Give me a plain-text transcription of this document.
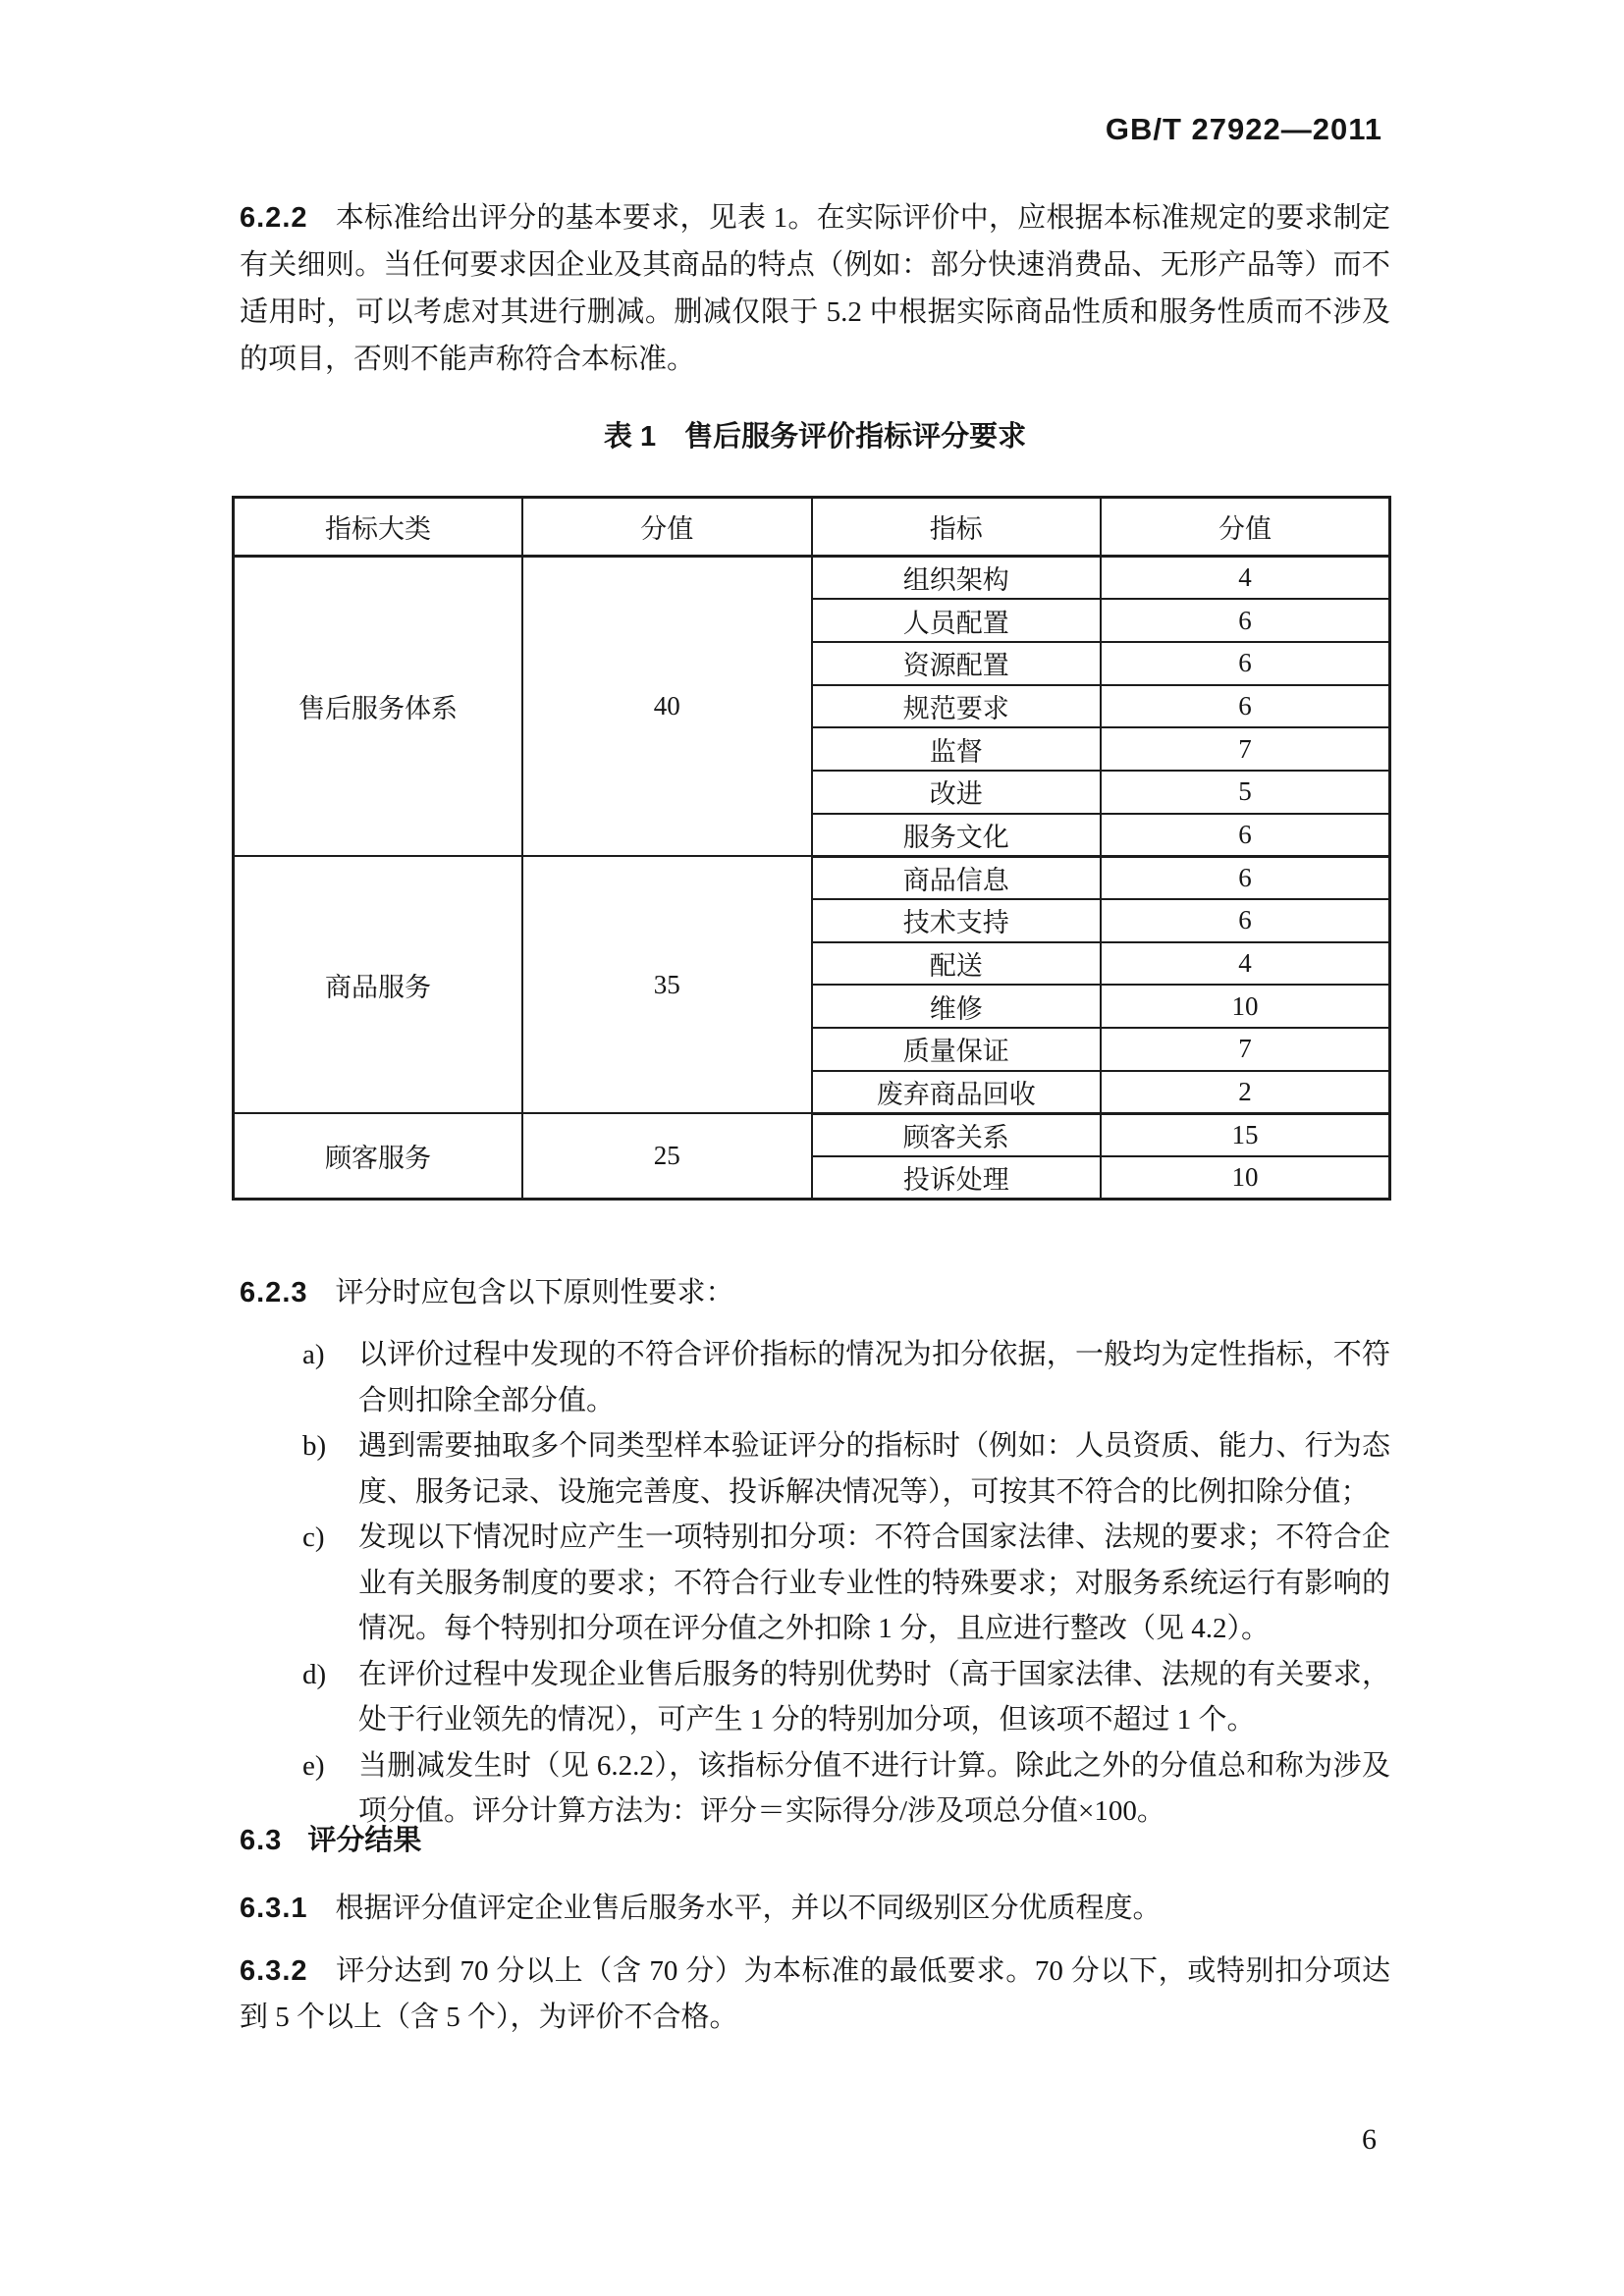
GB/T 27922—2011

6.2.2 本标准给出评分的基本要求，见表 1。在实际评价中，应根据本标准规定的要求制定有关细则。当任何要求因企业及其商品的特点（例如：部分快速消费品、无形产品等）而不适用时，可以考虑对其进行删减。删减仅限于 5.2 中根据实际商品性质和服务性质而不涉及的项目，否则不能声称符合本标准。

表 1　售后服务评价指标评分要求
指标大类	分值	指标	分值
售后服务体系	40	组织架构	4
		人员配置	6
		资源配置	6
		规范要求	6
		监督	7
		改进	5
		服务文化	6
商品服务	35	商品信息	6
		技术支持	6
		配送	4
		维修	10
		质量保证	7
		废弃商品回收	2
顾客服务	25	顾客关系	15
		投诉处理	10

6.2.3 评分时应包含以下原则性要求：

a) 以评价过程中发现的不符合评价指标的情况为扣分依据，一般均为定性指标，不符合则扣除全部分值。
b) 遇到需要抽取多个同类型样本验证评分的指标时（例如：人员资质、能力、行为态度、服务记录、设施完善度、投诉解决情况等），可按其不符合的比例扣除分值；
c) 发现以下情况时应产生一项特别扣分项：不符合国家法律、法规的要求；不符合企业有关服务制度的要求；不符合行业专业性的特殊要求；对服务系统运行有影响的情况。每个特别扣分项在评分值之外扣除 1 分，且应进行整改（见 4.2）。
d) 在评价过程中发现企业售后服务的特别优势时（高于国家法律、法规的有关要求，处于行业领先的情况），可产生 1 分的特别加分项，但该项不超过 1 个。
e) 当删减发生时（见 6.2.2），该指标分值不进行计算。除此之外的分值总和称为涉及项分值。评分计算方法为：评分＝实际得分/涉及项总分值×100。
6.3 评分结果

6.3.1 根据评分值评定企业售后服务水平，并以不同级别区分优质程度。

6.3.2 评分达到 70 分以上（含 70 分）为本标准的最低要求。70 分以下，或特别扣分项达到 5 个以上（含 5 个），为评价不合格。

6
